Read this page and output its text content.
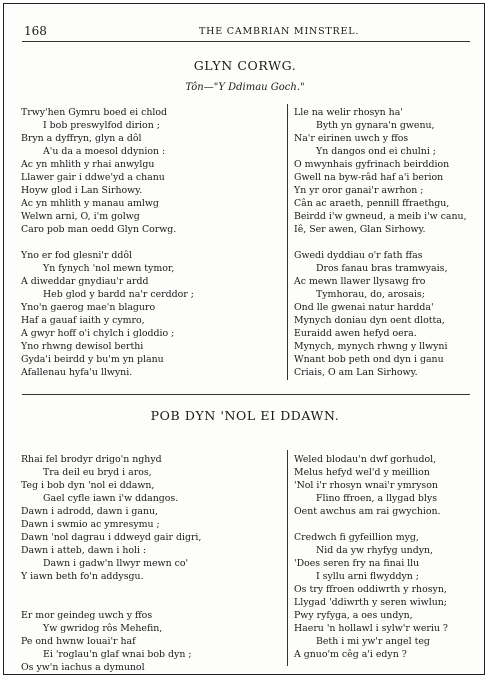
168	THE CAMBRIAN MINSTREL.
GLYN CORWG.
Tôn—"Y Ddimau Goch."
Trwy'hen Gymru boed ei chlod
I bob preswylfod dirion ;
Bryn a dyffryn, glyn a dôl
A'u da a moesol ddynion :
Ac yn mhlith y rhai anwylgu
Llawer gair i ddwe'yd a chanu
Hoyw glod i Lan Sirhowy.
Ac yn mhlith y manau amlwg
Welwn arni, O, i'm golwg
Caro pob man oedd Glyn Corwg.
Yno er fod glesni'r ddôl
Yn fynych 'nol mewn tymor,
A diweddar gnydiau'r ardd
Heb glod y bardd na'r cerddor ;
Yno'n gaerog mae'n blaguro
Haf a gauaf iaith y cymro,
A gwyr hoff o'i chylch i gloddio ;
Yno rhwng dewisol berthi
Gyda'i beirdd y bu'm yn planu
Afallenau hyfa'u llwyni.
Lle na welir rhosyn ha'
Byth yn gynara'n gwenu,
Na'r eirinen uwch y ffos
Yn dangos ond ei chulni ;
O mwynhais gyfrinach beirddion
Gwell na byw-râd haf a'i berion
Yn yr oror ganai'r awrhon ;
Cân ac araeth, pennill ffraethgu,
Beirdd i'w gwneud, a meib i'w canu,
Iê, Ser awen, Glan Sirhowy.
Gwedi dyddiau o'r fath ffas
Dros fanau bras tramwyais,
Ac mewn llawer llysawg fro
Tymhorau, do, arosais;
Ond lle gwenai natur hardda'
Mynych doniau dyn oent dlotta,
Euraidd awen hefyd oera.
Mynych, mynych rhwng y llwyni
Wnant bob peth ond dyn i ganu
Criais, O am Lan Sirhowy.
POB DYN 'NOL EI DDAWN.
Rhai fel brodyr drigo'n nghyd
Tra deil eu bryd i aros,
Teg i bob dyn 'nol ei ddawn,
Gael cyfle iawn i'w ddangos.
Dawn i adrodd, dawn i ganu,
Dawn i swmio ac ymresymu ;
Dawn 'nol dagrau i ddweyd gair digri,
Dawn i atteb, dawn i holi :
Dawn i gadw'n llwyr mewn co'
Y iawn beth fo'n addysgu.
Er mor geindeg uwch y ffos
Yw gwridog rôs Mehefin,
Pe ond hwnw louai'r haf
Ei 'roglau'n glaf wnai bob dyn ;
Os yw'n iachus a dymunol
Weled blodau'n dwf gorhudol,
Melus hefyd wel'd y meillion
'Nol i'r rhosyn wnai'r ymryson
Flino ffroen, a llygad blys
Oent awchus am rai gwychion.
Credwch fi gyfeillion myg,
Nid da yw rhyfyg undyn,
'Does seren fry na finai llu
I syllu arni flwyddyn ;
Os try ffroen oddiwrth y rhosyn,
Llygad 'ddiwrth y seren wiwlun;
Pwy ryfyga, a oes undyn,
Haeru 'n hollawl i sylw'r weriu ?
Beth i mi yw'r angel teg
A gnuo'm cêg a'i edyn ?
